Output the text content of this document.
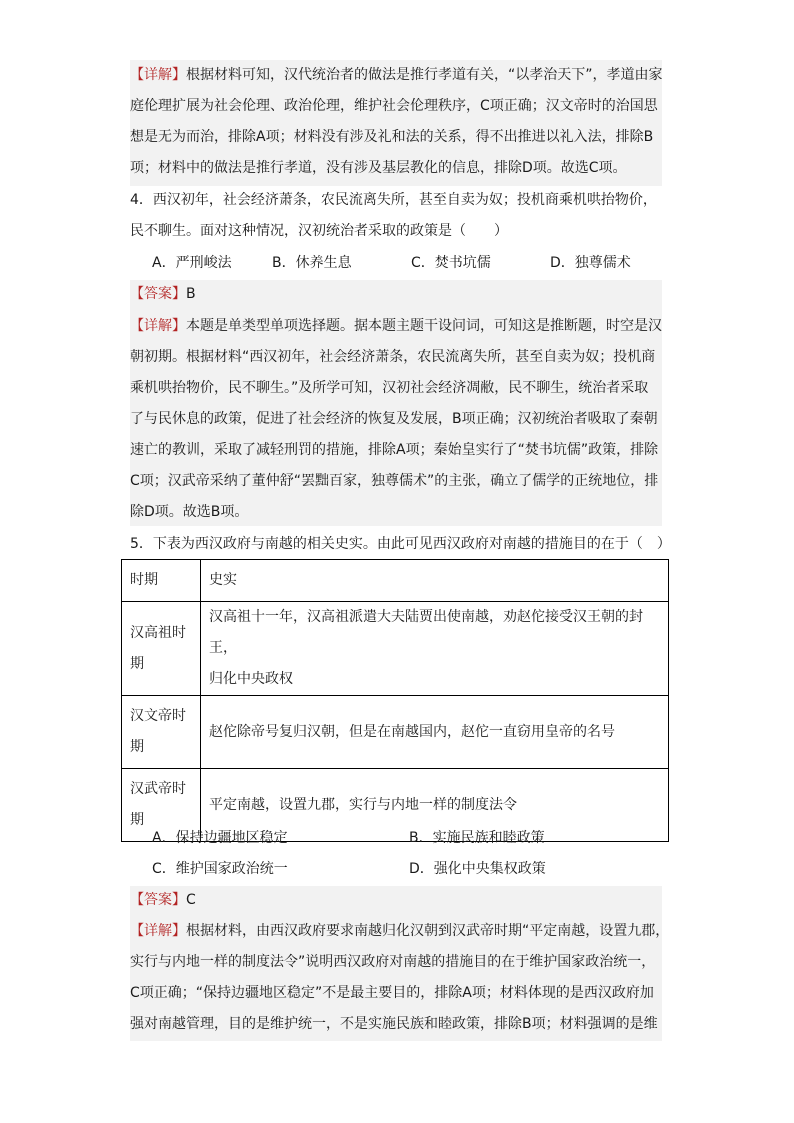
【详解】根据材料可知，汉代统治者的做法是推行孝道有关，“以孝治天下”，孝道由家
庭伦理扩展为社会伦理、政治伦理，维护社会伦理秩序，C项正确；汉文帝时的治国思
想是无为而治，排除A项；材料没有涉及礼和法的关系，得不出推进以礼入法，排除B
项；材料中的做法是推行孝道，没有涉及基层教化的信息，排除D项。故选C项。
4．西汉初年，社会经济萧条，农民流离失所，甚至自卖为奴；投机商乘机哄抬物价，
民不聊生。面对这种情况，汉初统治者采取的政策是（　　）
A．严刑峻法	B．休养生息	C．焚书坑儒	D．独尊儒术
【答案】B
【详解】本题是单类型单项选择题。据本题主题干设问词，可知这是推断题，时空是汉
朝初期。根据材料“西汉初年，社会经济萧条，农民流离失所，甚至自卖为奴；投机商
乘机哄抬物价，民不聊生。”及所学可知，汉初社会经济凋敝，民不聊生，统治者采取
了与民休息的政策，促进了社会经济的恢复及发展，B项正确；汉初统治者吸取了秦朝
速亡的教训，采取了减轻刑罚的措施，排除A项；秦始皇实行了“焚书坑儒”政策，排除
C项；汉武帝采纳了董仲舒“罢黜百家，独尊儒术”的主张，确立了儒学的正统地位，排
除D项。故选B项。
5．下表为西汉政府与南越的相关史实。由此可见西汉政府对南越的措施目的在于（　）
时期	史实
汉高祖时
期	汉高祖十一年，汉高祖派遣大夫陆贾出使南越，劝赵佗接受汉王朝的封王，
归化中央政权
汉文帝时
期	赵佗除帝号复归汉朝，但是在南越国内，赵佗一直窃用皇帝的名号
汉武帝时
期	平定南越，设置九郡，实行与内地一样的制度法令
A．保持边疆地区稳定	B．实施民族和睦政策
C．维护国家政治统一	D．强化中央集权政策
【答案】C
【详解】根据材料，由西汉政府要求南越归化汉朝到汉武帝时期“平定南越，设置九郡，
实行与内地一样的制度法令”说明西汉政府对南越的措施目的在于维护国家政治统一，
C项正确；“保持边疆地区稳定”不是最主要目的，排除A项；材料体现的是西汉政府加
强对南越管理，目的是维护统一，不是实施民族和睦政策，排除B项；材料强调的是维
